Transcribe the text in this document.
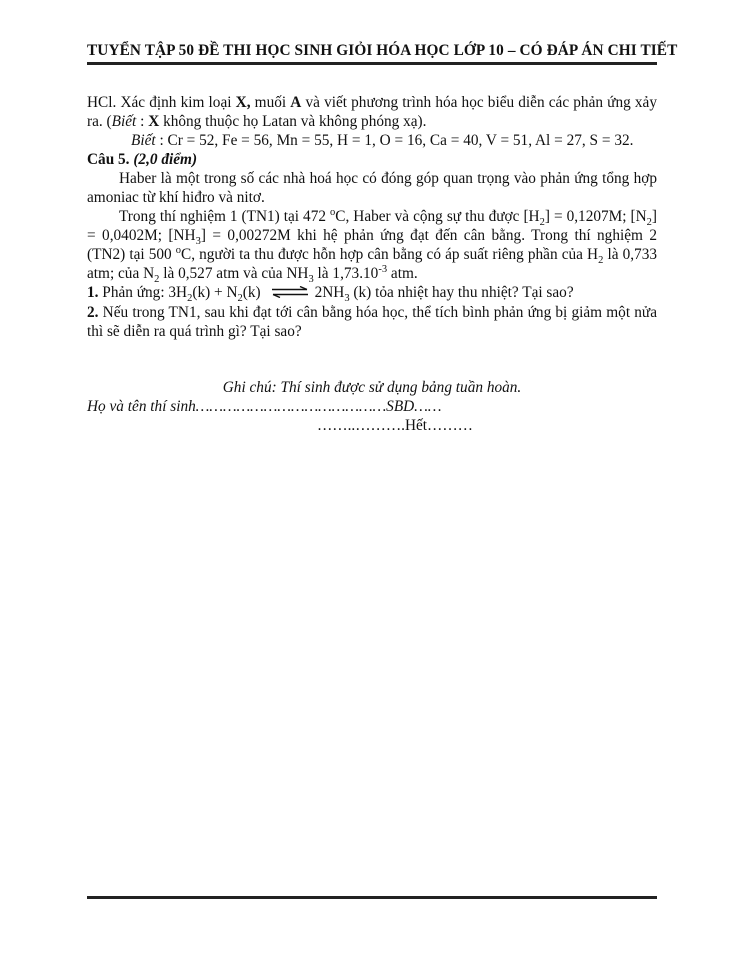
TUYỂN TẬP 50 ĐỀ THI HỌC SINH GIỎI HÓA HỌC LỚP 10 – CÓ ĐÁP ÁN CHI TIẾT

HCl. Xác định kim loại X, muối A và viết phương trình hóa học biểu diễn các phản ứng xảy ra. (Biết : X không thuộc họ Latan và không phóng xạ).

Biết : Cr = 52, Fe = 56, Mn = 55, H = 1, O = 16, Ca = 40, V = 51, Al = 27, S = 32.

Câu 5. (2,0 điểm)

Haber là một trong số các nhà hoá học có đóng góp quan trọng vào phản ứng tổng hợp amoniac từ khí hiđro và nitơ.

Trong thí nghiệm 1 (TN1) tại 472 $^o$C, Haber và cộng sự thu được $[H_2] = 0,1207M$; $[N_2] = 0,0402M$; $[NH_3] = 0,00272M$ khi hệ phản ứng đạt đến cân bằng. Trong thí nghiệm 2 (TN2) tại 500 $^o$C, người ta thu được hỗn hợp cân bằng có áp suất riêng phần của $H_2$ là 0,733 atm; của $N_2$ là 0,527 atm và của $NH_3$ là $1,73.10^{-3}$ atm.

1. Phản ứng: $3H_2(k) + N_2(k)$ ⇌ $2NH_3$ (k) tỏa nhiệt hay thu nhiệt? Tại sao?

2. Nếu trong TN1, sau khi đạt tới cân bằng hóa học, thể tích bình phản ứng bị giảm một nửa thì sẽ diễn ra quá trình gì? Tại sao?

Ghi chú: Thí sinh được sử dụng bảng tuần hoàn.

Họ và tên thí sinh……………………………………SBD……

……..……….Hết………
